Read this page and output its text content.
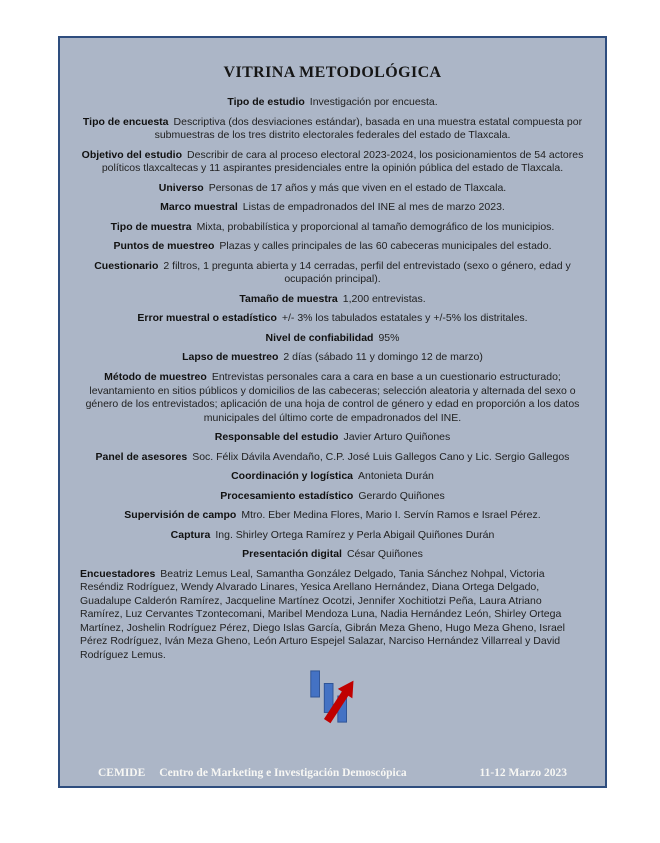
VITRINA METODOLÓGICA

Tipo de estudio Investigación por encuesta.

Tipo de encuesta Descriptiva (dos desviaciones estándar), basada en una muestra estatal compuesta por submuestras de los tres distrito electorales federales del estado de Tlaxcala.

Objetivo del estudio Describir de cara al proceso electoral 2023-2024, los posicionamientos de 54 actores políticos tlaxcaltecas y 11 aspirantes presidenciales entre la opinión pública del estado de Tlaxcala.

Universo Personas de 17 años y más que viven en el estado de Tlaxcala.

Marco muestral Listas de empadronados del INE al mes de marzo 2023.

Tipo de muestra Mixta, probabilística y proporcional al tamaño demográfico de los municipios.

Puntos de muestreo Plazas y calles principales de las 60 cabeceras municipales del estado.

Cuestionario 2 filtros, 1 pregunta abierta y 14 cerradas, perfil del entrevistado (sexo o género, edad y ocupación principal).

Tamaño de muestra 1,200 entrevistas.

Error muestral o estadístico +/- 3% los tabulados estatales y +/-5% los distritales.

Nivel de confiabilidad 95%

Lapso de muestreo 2 días (sábado 11 y domingo 12 de marzo)

Método de muestreo Entrevistas personales cara a cara en base a un cuestionario estructurado; levantamiento en sitios públicos y domicilios de las cabeceras; selección aleatoria y alternada del sexo o género de los entrevistados; aplicación de una hoja de control de género y edad en proporción a los datos municipales del último corte de empadronados del INE.

Responsable del estudio Javier Arturo Quiñones

Panel de asesores Soc. Félix Dávila Avendaño, C.P. José Luis Gallegos Cano y Lic. Sergio Gallegos

Coordinación y logística Antonieta Durán

Procesamiento estadístico Gerardo Quiñones

Supervisión de campo Mtro. Eber Medina Flores, Mario I. Servín Ramos e Israel Pérez.

Captura Ing. Shirley Ortega Ramírez y Perla Abigail Quiñones Durán

Presentación digital César Quiñones

Encuestadores Beatriz Lemus Leal, Samantha González Delgado, Tania Sánchez Nohpal, Victoria Reséndiz Rodríguez, Wendy Alvarado Linares, Yesica Arellano Hernández, Diana Ortega Delgado, Guadalupe Calderón Ramírez, Jacqueline Martínez Ocotzi, Jennifer Xochitiotzi Peña, Laura Atriano Ramírez, Luz Cervantes Tzontecomani, Maribel Mendoza Luna, Nadia Hernández León, Shirley Ortega Martínez, Joshelin Rodríguez Pérez, Diego Islas García, Gibrán Meza Gheno, Hugo Meza Gheno, Israel Pérez Rodríguez, Iván Meza Gheno, León Arturo Espejel Salazar, Narciso Hernández Villarreal y David Rodríguez Lemus.

CEMIDE Centro de Marketing e Investigación Demoscópica	11-12 Marzo 2023
